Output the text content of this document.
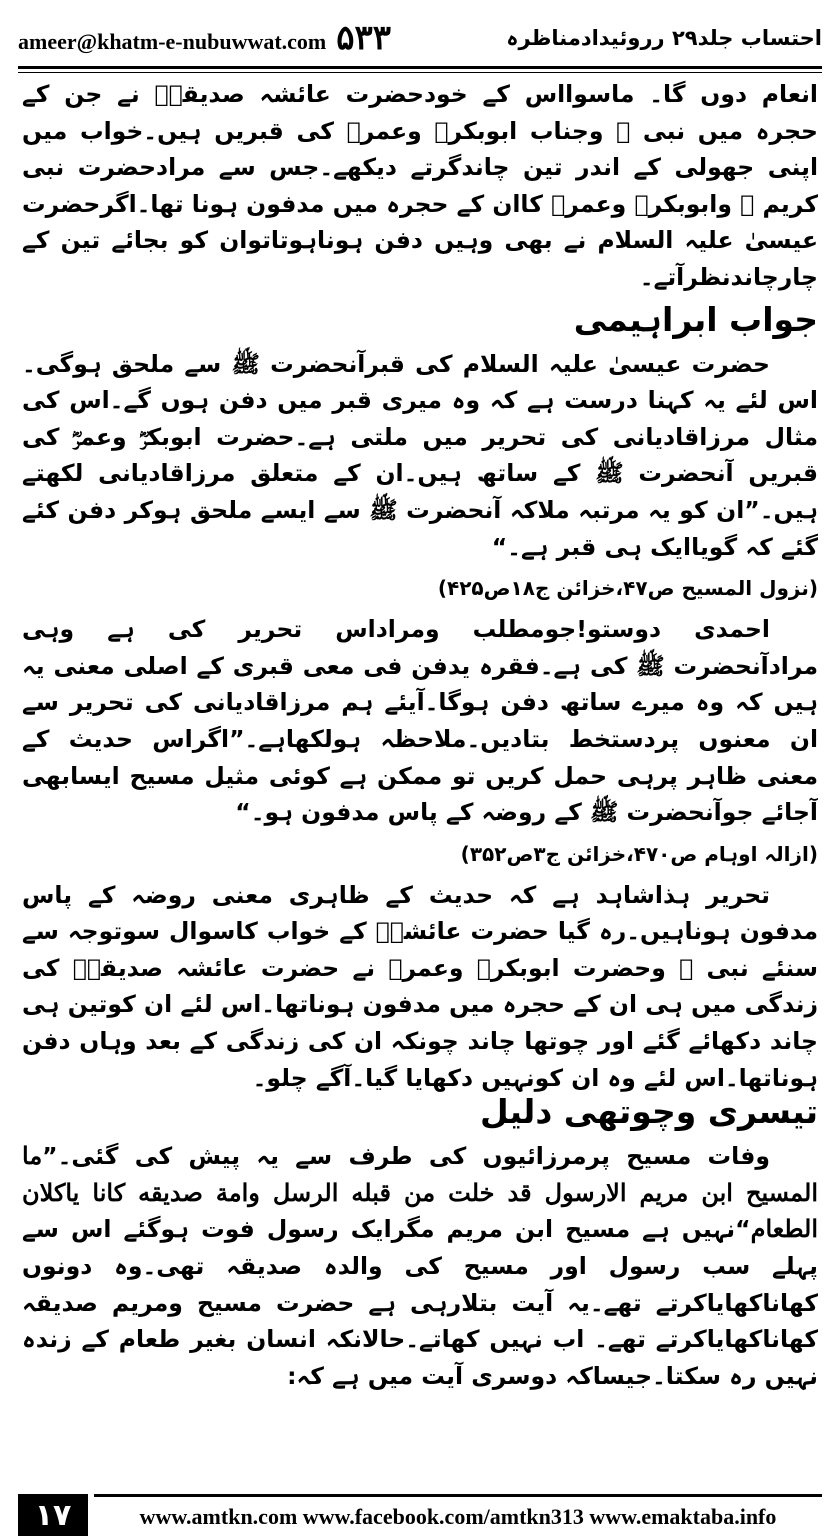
ameer@khatm-e-nubuwwat.com ۵۳۳	احتساب جلد۲۹ رروئیدادمناظرہ

انعام دوں گا۔ ماسوااس کے خودحضرت عائشہ صدیقہؓ نے جن کے حجرہ میں نبی ﷺ وجناب ابوبکرؓ وعمرؓ کی قبریں ہیں۔خواب میں اپنی جھولی کے اندر تین چاندگرتے دیکھے۔جس سے مرادحضرت نبی کریم ﷺ وابوبکرؓ وعمرؓ کاان کے حجرہ میں مدفون ہونا تھا۔اگرحضرت عیسیٰ علیہ السلام نے بھی وہیں دفن ہوناہوتاتوان کو بجائے تین کے چارچاندنظرآتے۔

جواب ابراہیمی

حضرت عیسیٰ علیہ السلام کی قبرآنحضرت ﷺ سے ملحق ہوگی۔اس لئے یہ کہنا درست ہے کہ وہ میری قبر میں دفن ہوں گے۔اس کی مثال مرزاقادیانی کی تحریر میں ملتی ہے۔حضرت ابوبکرؓ وعمرؓ کی قبریں آنحضرت ﷺ کے ساتھ ہیں۔ان کے متعلق مرزاقادیانی لکھتے ہیں۔”ان کو یہ مرتبہ ملاکہ آنحضرت ﷺ سے ایسے ملحق ہوکر دفن کئے گئے کہ گویاایک ہی قبر ہے۔“

(نزول المسیح ص۴۷،خزائن ج۱۸ص۴۲۵)

احمدی دوستو!جومطلب ومراداس تحریر کی ہے وہی مرادآنحضرت ﷺ کی ہے۔فقرہ یدفن فی معی قبری کے اصلی معنی یہ ہیں کہ وہ میرے ساتھ دفن ہوگا۔آیئے ہم مرزاقادیانی کی تحریر سے ان معنوں پردستخط بتادیں۔ملاحظہ ہولکھاہے۔”اگراس حدیث کے معنی ظاہر پرہی حمل کریں تو ممکن ہے کوئی مثیل مسیح ایسابھی آجائے جوآنحضرت ﷺ کے روضہ کے پاس مدفون ہو۔“

(ازالہ اوہام ص۴۷۰،خزائن ج۳ص۳۵۲)

تحریر ہذاشاہد ہے کہ حدیث کے ظاہری معنی روضہ کے پاس مدفون ہوناہیں۔رہ گیا حضرت عائشہؓ کے خواب کاسوال سوتوجہ سے سنئے نبی ﷺ وحضرت ابوبکرؓ وعمرؓ نے حضرت عائشہ صدیقہؓ کی زندگی میں ہی ان کے حجرہ میں مدفون ہوناتھا۔اس لئے ان کوتین ہی چاند دکھائے گئے اور چوتھا چاند چونکہ ان کی زندگی کے بعد وہاں دفن ہوناتھا۔اس لئے وہ ان کونہیں دکھایا گیا۔آگے چلو۔

تیسری وچوتھی دلیل

وفات مسیح پرمرزائیوں کی طرف سے یہ پیش کی گئی۔”ما المسیح ابن مریم الارسول قد خلت من قبله الرسل وامة صدیقه کانا یاکلان الطعام“نہیں ہے مسیح ابن مریم مگرایک رسول فوت ہوگئے اس سے پہلے سب رسول اور مسیح کی والدہ صدیقہ تھی۔وہ دونوں کھاناکھایاکرتے تھے۔یہ آیت بتلارہی ہے حضرت مسیح ومریم صدیقہ کھاناکھایاکرتے تھے۔ اب نہیں کھاتے۔حالانکہ انسان بغیر طعام کے زندہ نہیں رہ سکتا۔جیساکہ دوسری آیت میں ہے کہ:

۱۷	www.amtkn.com www.facebook.com/amtkn313 www.emaktaba.info
